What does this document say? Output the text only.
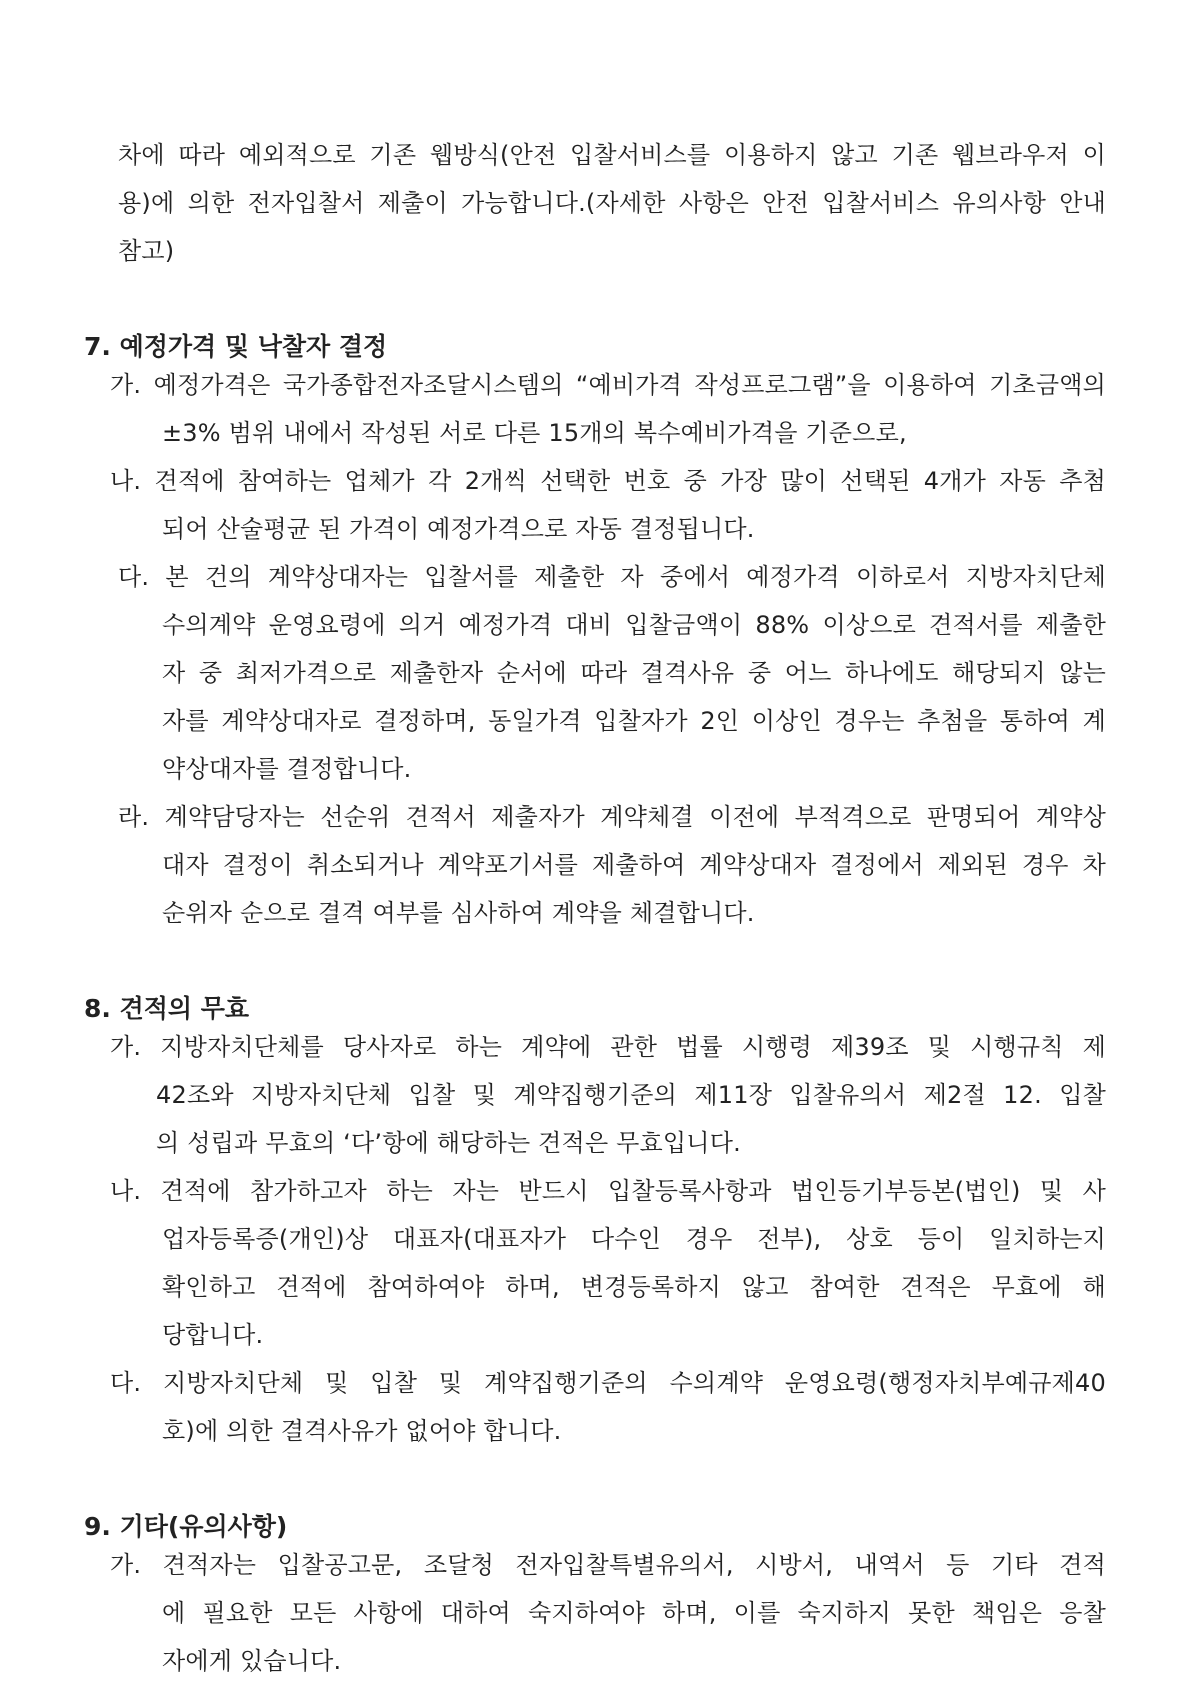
차에 따라 예외적으로 기존 웹방식(안전 입찰서비스를 이용하지 않고 기존 웹브라우저 이
용)에 의한 전자입찰서 제출이 가능합니다.(자세한 사항은 안전 입찰서비스 유의사항 안내
참고)
7. 예정가격 및 낙찰자 결정
가. 예정가격은 국가종합전자조달시스템의 “예비가격 작성프로그램”을 이용하여 기초금액의
±3% 범위 내에서 작성된 서로 다른 15개의 복수예비가격을 기준으로,
나. 견적에 참여하는 업체가 각 2개씩 선택한 번호 중 가장 많이 선택된 4개가 자동 추첨
되어 산술평균 된 가격이 예정가격으로 자동 결정됩니다.
다. 본 건의 계약상대자는 입찰서를 제출한 자 중에서 예정가격 이하로서 지방자치단체
수의계약 운영요령에 의거 예정가격 대비 입찰금액이 88% 이상으로 견적서를 제출한
자 중 최저가격으로 제출한자 순서에 따라 결격사유 중 어느 하나에도 해당되지 않는
자를 계약상대자로 결정하며, 동일가격 입찰자가 2인 이상인 경우는 추첨을 통하여 계
약상대자를 결정합니다.
라. 계약담당자는 선순위 견적서 제출자가 계약체결 이전에 부적격으로 판명되어 계약상
대자 결정이 취소되거나 계약포기서를 제출하여 계약상대자 결정에서 제외된 경우 차
순위자 순으로 결격 여부를 심사하여 계약을 체결합니다.
8. 견적의 무효
가. 지방자치단체를 당사자로 하는 계약에 관한 법률 시행령 제39조 및 시행규칙 제
42조와 지방자치단체 입찰 및 계약집행기준의 제11장 입찰유의서 제2절 12. 입찰
의 성립과 무효의 ‘다’항에 해당하는 견적은 무효입니다.
나. 견적에 참가하고자 하는 자는 반드시 입찰등록사항과 법인등기부등본(법인) 및 사
업자등록증(개인)상 대표자(대표자가 다수인 경우 전부), 상호 등이 일치하는지
확인하고 견적에 참여하여야 하며, 변경등록하지 않고 참여한 견적은 무효에 해
당합니다.
다. 지방자치단체 및 입찰 및 계약집행기준의 수의계약 운영요령(행정자치부예규제40
호)에 의한 결격사유가 없어야 합니다.
9. 기타(유의사항)
가. 견적자는 입찰공고문, 조달청 전자입찰특별유의서, 시방서, 내역서 등 기타 견적
에 필요한 모든 사항에 대하여 숙지하여야 하며, 이를 숙지하지 못한 책임은 응찰
자에게 있습니다.
